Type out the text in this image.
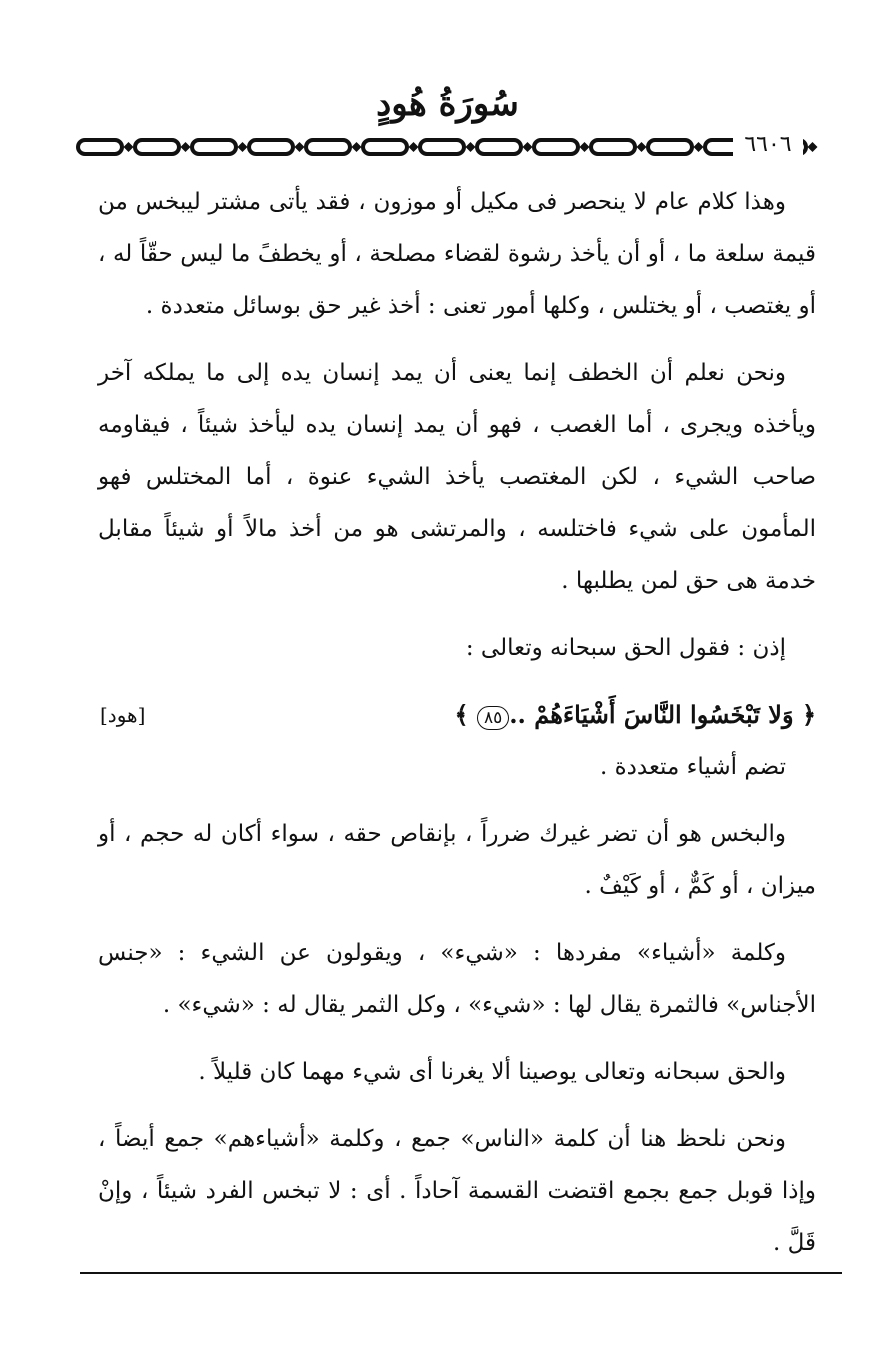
سُورَةُ هُودٍ
٦٦٠٦

وهذا كلام عام لا ينحصر فى مكيل أو موزون ، فقد يأتى مشتر ليبخس من قيمة سلعة ما ، أو أن يأخذ رشوة لقضاء مصلحة ، أو يخطفً ما ليس حقّاً له ، أو يغتصب ، أو يختلس ، وكلها أمور تعنى : أخذ غير حق بوسائل متعددة .

ونحن نعلم أن الخطف إنما يعنى أن يمد إنسان يده إلى ما يملكه آخر ويأخذه ويجرى ، أما الغصب ، فهو أن يمد إنسان يده ليأخذ شيئاً ، فيقاومه صاحب الشيء ، لكن المغتصب يأخذ الشيء عنوة ، أما المختلس فهو المأمون على شيء فاختلسه ، والمرتشى هو من أخذ مالاً أو شيئاً مقابل خدمة هى حق لمن يطلبها .

إذن : فقول الحق سبحانه وتعالى :

﴿ وَلا تَبْخَسُوا النَّاسَ أَشْيَاءَهُمْ ..٨٥ ﴾
[هود]

تضم أشياء متعددة .

والبخس هو أن تضر غيرك ضرراً ، بإنقاص حقه ، سواء أكان له حجم ، أو ميزان ، أو كَمٌّ ، أو كَيْفٌ .

وكلمة «أشياء» مفردها : «شيء» ، ويقولون عن الشيء : «جنس الأجناس» فالثمرة يقال لها : «شيء» ، وكل الثمر يقال له : «شيء» .

والحق سبحانه وتعالى يوصينا ألا يغرنا أى شيء مهما كان قليلاً .

ونحن نلحظ هنا أن كلمة «الناس» جمع ، وكلمة «أشياءهم» جمع أيضاً ، وإذا قوبل جمع بجمع اقتضت القسمة آحاداً . أى : لا تبخس الفرد شيئاً ، وإنْ قَلَّ .
